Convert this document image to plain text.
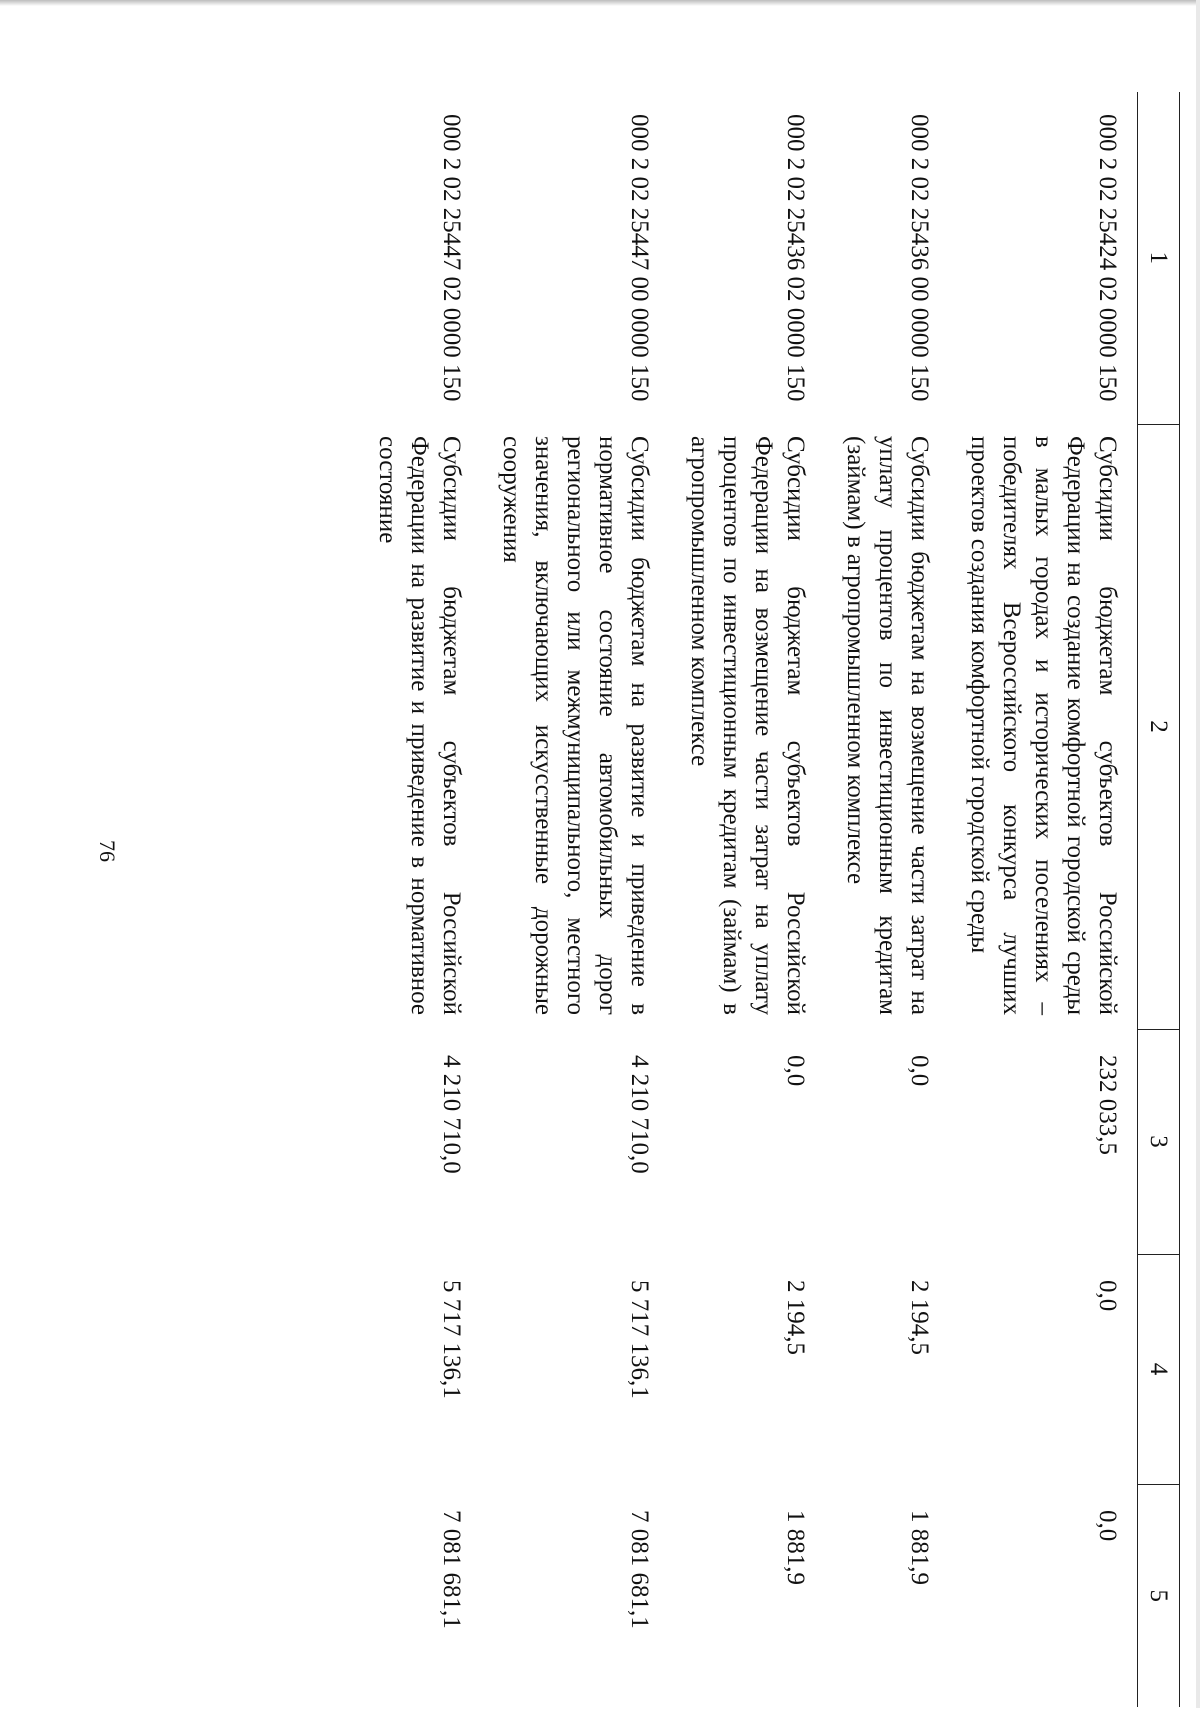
76
1	2	3	4	5
000 2 02 25424 02 0000 150	Субсидии бюджетам субъектов Российской Федерации на создание комфортной городской среды в малых городах и исторических поселениях – победителях Всероссийского конкурса лучших проектов создания комфортной городской среды	232 033,5	0,0	0,0
000 2 02 25436 00 0000 150	Субсидии бюджетам на возмещение части затрат на уплату процентов по инвестиционным кредитам (займам) в агропромышленном комплексе	0,0	2 194,5	1 881,9
000 2 02 25436 02 0000 150	Субсидии бюджетам субъектов Российской Федерации на возмещение части затрат на уплату процентов по инвестиционным кредитам (займам) в агропромышленном комплексе	0,0	2 194,5	1 881,9
000 2 02 25447 00 0000 150	Субсидии бюджетам на развитие и приведение в нормативное состояние автомобильных дорог регионального или межмуниципального, местного значения, включающих искусственные дорожные сооружения	4 210 710,0	5 717 136,1	7 081 681,1
000 2 02 25447 02 0000 150	Субсидии бюджетам субъектов Российской Федерации на развитие и приведение в нормативное состояние	4 210 710,0	5 717 136,1	7 081 681,1
